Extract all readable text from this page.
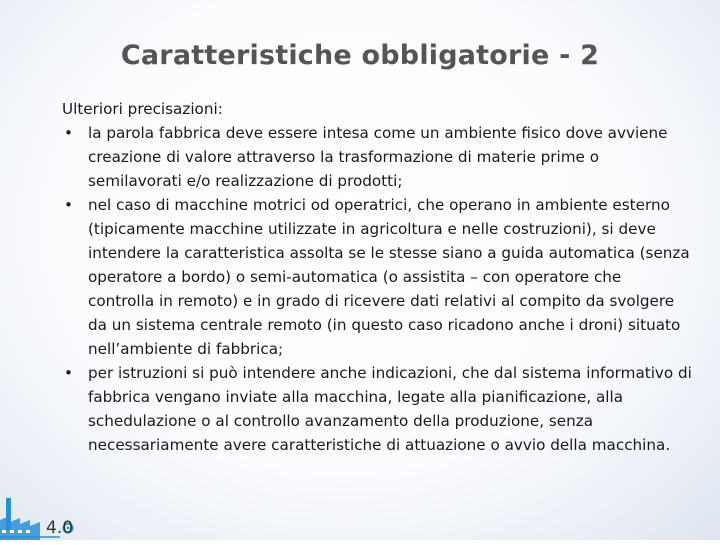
Caratteristiche obbligatorie - 2

Ulteriori precisazioni:

• la parola fabbrica deve essere intesa come un ambiente fisico dove avviene creazione di valore attraverso la trasformazione di materie prime o semilavorati e/o realizzazione di prodotti;
• nel caso di macchine motrici od operatrici, che operano in ambiente esterno (tipicamente macchine utilizzate in agricoltura e nelle costruzioni), si deve intendere la caratteristica assolta se le stesse siano a guida automatica (senza operatore a bordo) o semi-automatica (o assistita – con operatore che controlla in remoto) e in grado di ricevere dati relativi al compito da svolgere da un sistema centrale remoto (in questo caso ricadono anche i droni) situato nell’ambiente di fabbrica;
• per istruzioni si può intendere anche indicazioni, che dal sistema informativo di fabbrica vengano inviate alla macchina, legate alla pianificazione, alla schedulazione o al controllo avanzamento della produzione, senza necessariamente avere caratteristiche di attuazione o avvio della macchina.
4.0
